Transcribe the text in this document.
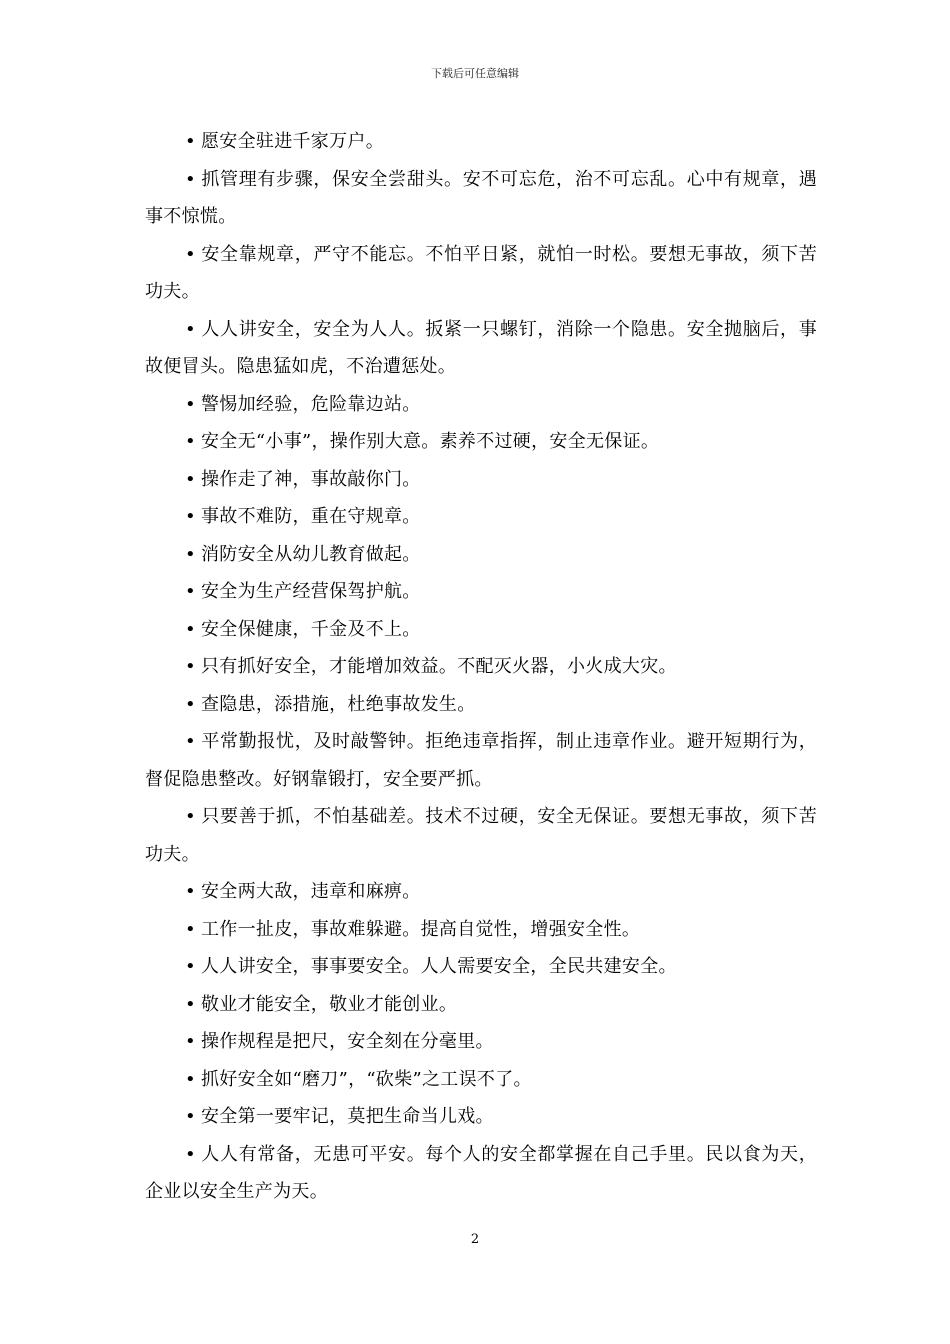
下载后可任意编辑

• 愿安全驻进千家万户。

• 抓管理有步骤，保安全尝甜头。安不可忘危，治不可忘乱。心中有规章，遇事不惊慌。

• 安全靠规章，严守不能忘。不怕平日紧，就怕一时松。要想无事故，须下苦功夫。

• 人人讲安全，安全为人人。扳紧一只螺钉，消除一个隐患。安全抛脑后，事故便冒头。隐患猛如虎，不治遭惩处。

• 警惕加经验，危险靠边站。

• 安全无“小事”，操作别大意。素养不过硬，安全无保证。

• 操作走了神，事故敲你门。

• 事故不难防，重在守规章。

• 消防安全从幼儿教育做起。

• 安全为生产经营保驾护航。

• 安全保健康，千金及不上。

• 只有抓好安全，才能增加效益。不配灭火器，小火成大灾。

• 查隐患，添措施，杜绝事故发生。

• 平常勤报忧，及时敲警钟。拒绝违章指挥，制止违章作业。避开短期行为，督促隐患整改。好钢靠锻打，安全要严抓。

• 只要善于抓，不怕基础差。技术不过硬，安全无保证。要想无事故，须下苦功夫。

• 安全两大敌，违章和麻痹。

• 工作一扯皮，事故难躲避。提高自觉性，增强安全性。

• 人人讲安全，事事要安全。人人需要安全，全民共建安全。

• 敬业才能安全，敬业才能创业。

• 操作规程是把尺，安全刻在分毫里。

• 抓好安全如“磨刀”，“砍柴”之工误不了。

• 安全第一要牢记，莫把生命当儿戏。

• 人人有常备，无患可平安。每个人的安全都掌握在自己手里。民以食为天，企业以安全生产为天。

2
